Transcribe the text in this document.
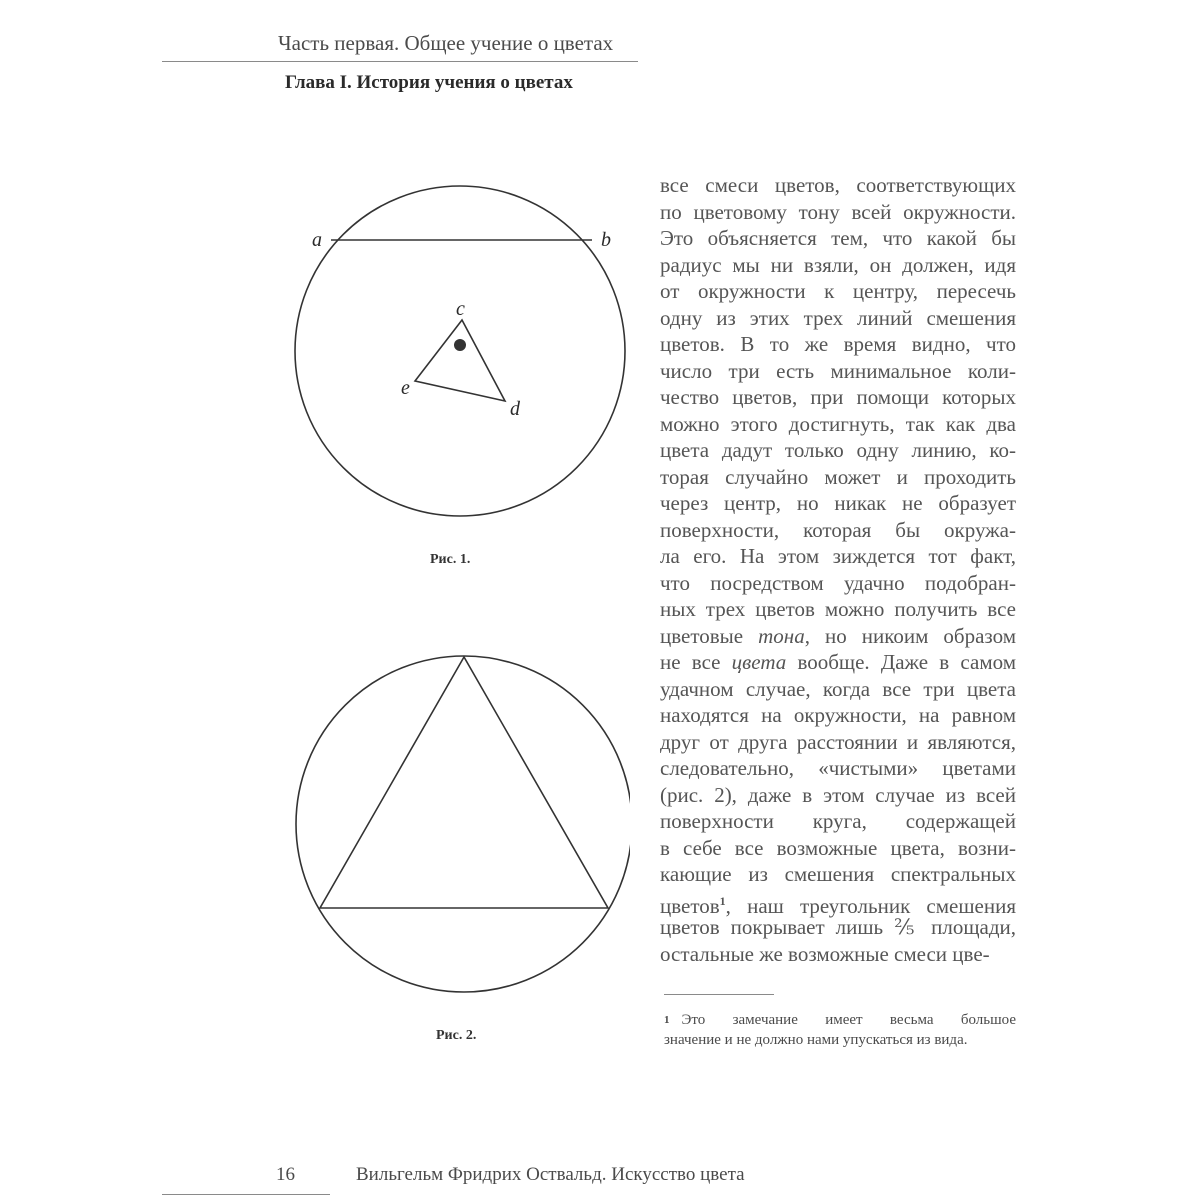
Часть первая. Общее учение о цветах
Глава I. История учения о цветах
a	b
c
e
d
Рис. 1.
Рис. 2.
все смеси цветов, соответствующих
по цветовому тону всей окружности.
Это объясняется тем, что какой бы
радиус мы ни взяли, он должен, идя
от окружности к центру, пересечь
одну из этих трех линий смешения
цветов. В то же время видно, что
число три есть минимальное коли-
чество цветов, при помощи которых
можно этого достигнуть, так как два
цвета дадут только одну линию, ко-
торая случайно может и проходить
через центр, но никак не образует
поверхности, которая бы окружа-
ла его. На этом зиждется тот факт,
что посредством удачно подобран-
ных трех цветов можно получить все
цветовые тона, но никоим образом
не все цвета вообще. Даже в самом
удачном случае, когда все три цвета
находятся на окружности, на равном
друг от друга расстоянии и являются,
следовательно, «чистыми» цветами
(рис. 2), даже в этом случае из всей
поверхности круга, содержащей
в себе все возможные цвета, возни-
кающие из смешения спектральных
цветов$^1$, наш треугольник смешения
цветов покрывает лишь ⅖ площади,
остальные же возможные смеси цве-
$^1$ Это замечание имеет весьма большое
значение и не должно нами упускаться из вида.
16	Вильгельм Фридрих Оствальд. Искусство цвета
